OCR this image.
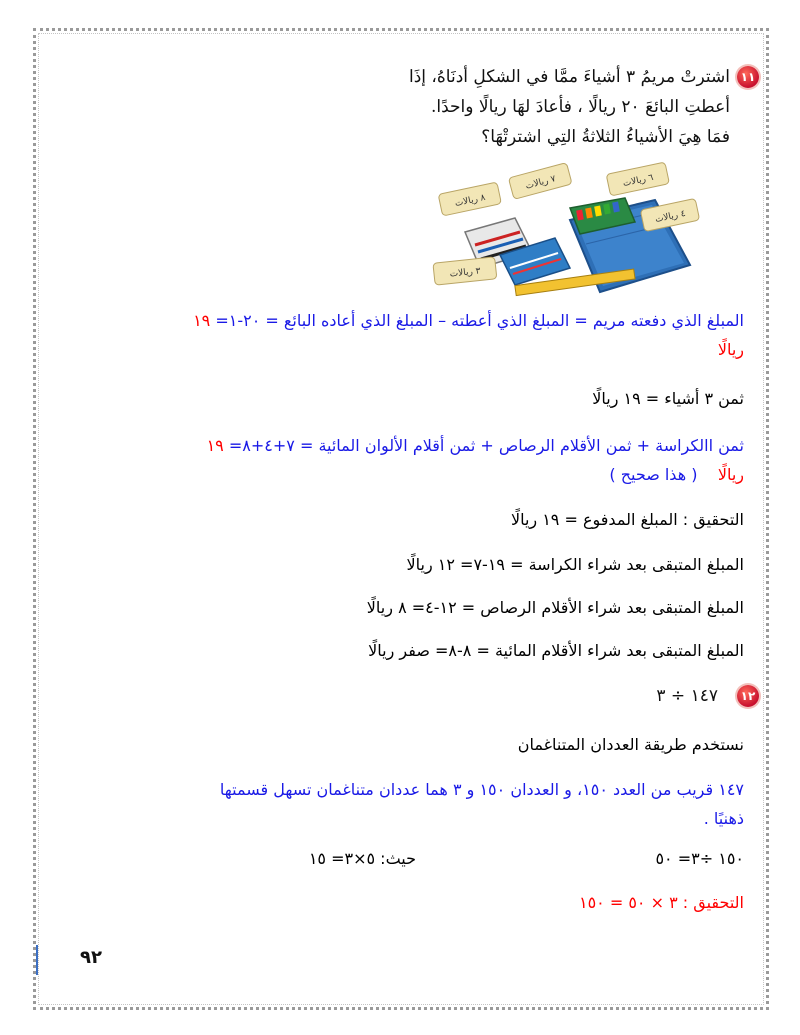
١١
اشترتْ مريمُ ٣ أشياءَ ممَّا في الشكلِ أدنَاهُ، إذَا
أعطتِ البائعَ ٢٠ ريالًا ، فأعادَ لهَا ريالًا واحدًا.
فمَا هِيَ الأشياءُ الثلاثةُ التِي اشترتْهَا؟
٨ ريالات
٧ ريالات	٦ ريالات
٤ ريالات
٣ ريالات
المبلغ الذي دفعته مريم = المبلغ الذي أعطته – المبلغ الذي أعاده البائع = ٢٠-١= ١٩
ريالًا
ثمن ٣ أشياء = ١٩ ريالًا
ثمن االكراسة + ثمن الأقلام الرصاص + ثمن أقلام الألوان المائية = ٧+٤+٨= ١٩
ريالًا    ( هذا صحيح )
التحقيق : المبلغ المدفوع = ١٩ ريالًا
المبلغ المتبقى بعد شراء الكراسة = ١٩-٧= ١٢ ريالًا
المبلغ المتبقى بعد شراء الأقلام الرصاص = ١٢-٤= ٨ ريالًا
المبلغ المتبقى بعد شراء الأقلام المائية = ٨-٨= صفر ريالًا
١٢
١٤٧ ÷ ٣
نستخدم طريقة العددان المتناغمان
١٤٧ قريب من العدد ١٥٠، و العددان ١٥٠ و ٣ هما عددان متناغمان تسهل قسمتها
ذهنيًا .
١٥٠ ÷٣= ٥٠
حيث: ٥×٣= ١٥
التحقيق : ٣ × ٥٠ = ١٥٠
٩٢
